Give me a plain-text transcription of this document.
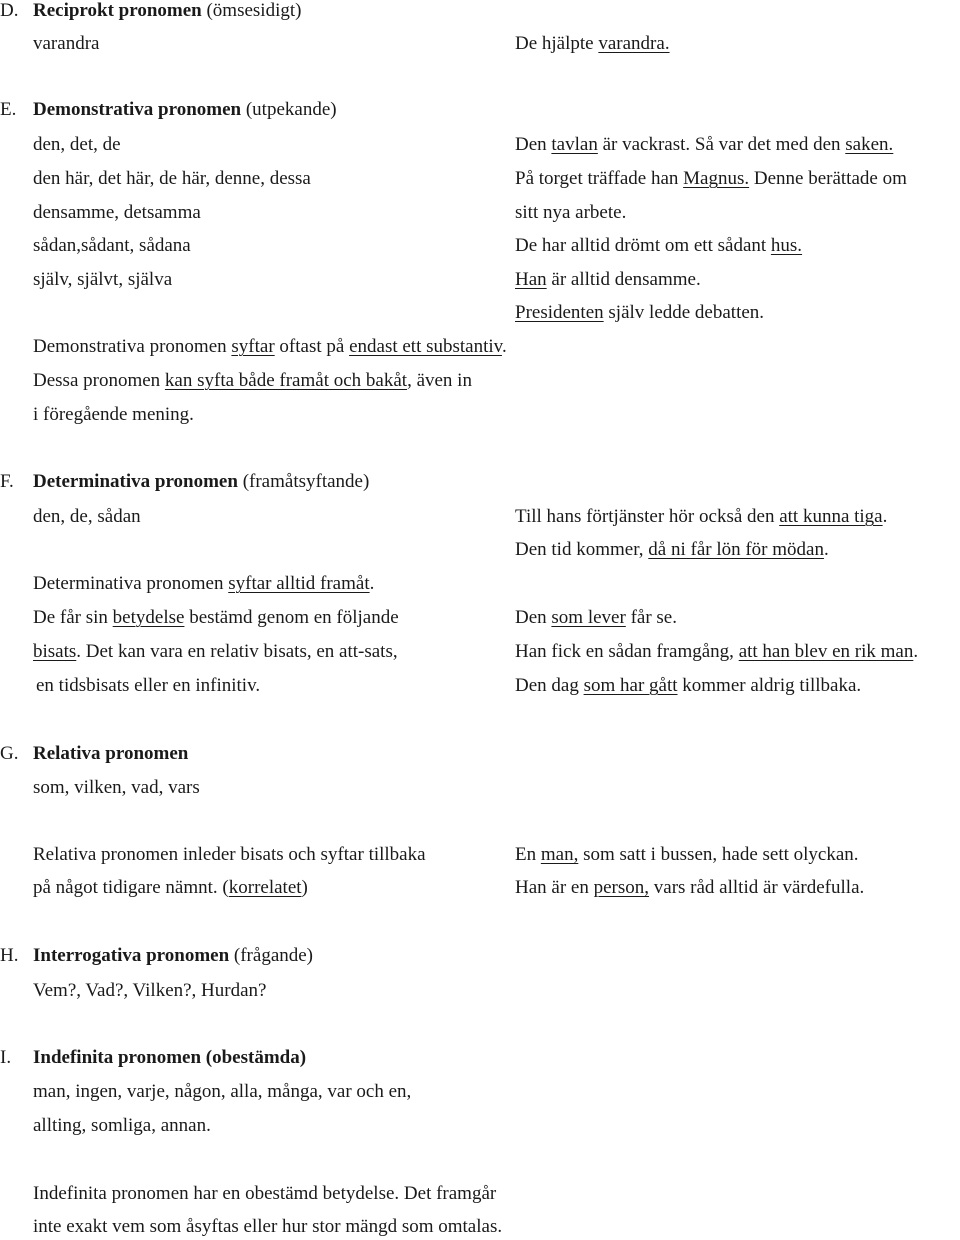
D. Reciprokt pronomen (ömsesidigt)
varandra	De hjälpte varandra.
E. Demonstrativa pronomen (utpekande)
den, det, de
den här, det här, de här, denne, dessa
densamme, detsamma
sådan,sådant, sådana
själv, självt, själva
Den tavlan är vackrast. Så var det med den saken.
På torget träffade han Magnus. Denne berättade om
sitt nya arbete.
De har alltid drömt om ett sådant hus.
Han är alltid densamme.
Presidenten själv ledde debatten.
Demonstrativa pronomen syftar oftast på endast ett substantiv.
Dessa pronomen kan syfta både framåt och bakåt, även in
i föregående mening.
F. Determinativa pronomen (framåtsyftande)
den, de, sådan	Till hans förtjänster hör också den att kunna tiga.
Den tid kommer, då ni får lön för mödan.
Determinativa pronomen syftar alltid framåt.
De får sin betydelse bestämd genom en följande
bisats. Det kan vara en relativ bisats, en att-sats,
en tidsbisats eller en infinitiv.
Den som lever får se.
Han fick en sådan framgång, att han blev en rik man.
Den dag som har gått kommer aldrig tillbaka.
G. Relativa pronomen
som, vilken, vad, vars
Relativa pronomen inleder bisats och syftar tillbaka
på något tidigare nämnt. (korrelatet)
En man, som satt i bussen, hade sett olyckan.
Han är en person, vars råd alltid är värdefulla.
H. Interrogativa pronomen (frågande)
Vem?, Vad?, Vilken?, Hurdan?
I. Indefinita pronomen (obestämda)
man, ingen, varje, någon, alla, många, var och en,
allting, somliga, annan.
Indefinita pronomen har en obestämd betydelse. Det framgår
inte exakt vem som åsyftas eller hur stor mängd som omtalas.
